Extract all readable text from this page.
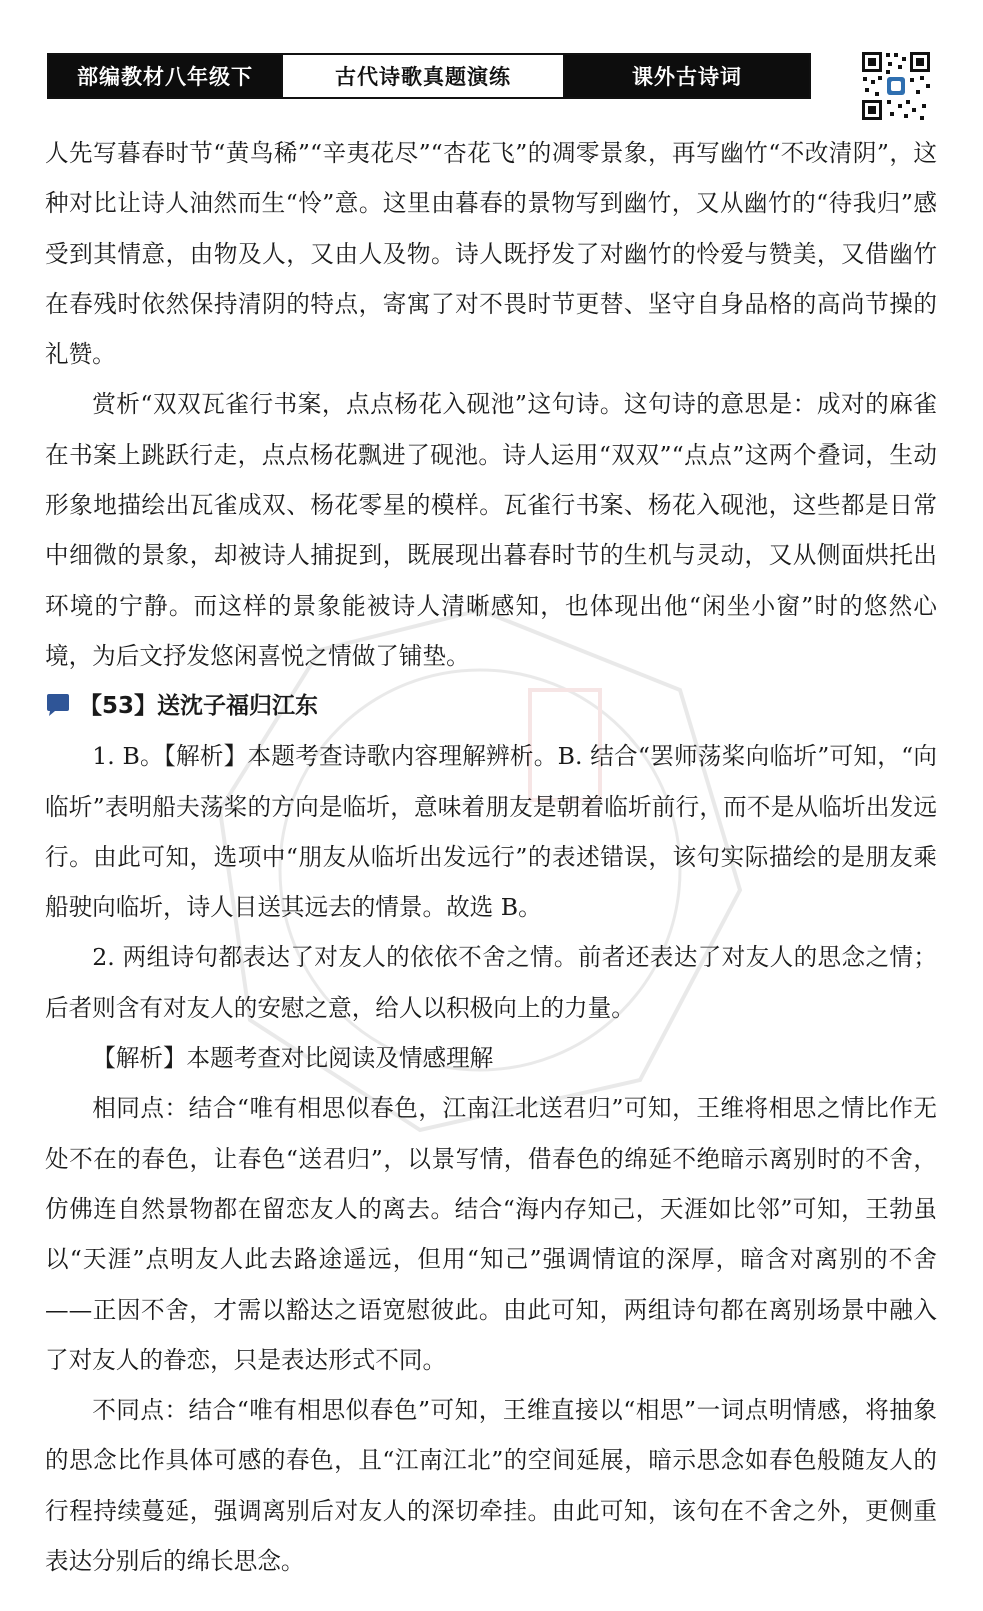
部编教材八年级下	古代诗歌真题演练	课外古诗词

人先写暮春时节“黄鸟稀”“辛夷花尽”“杏花飞”的凋零景象，再写幽竹“不改清阴”，这种对比让诗人油然而生“怜”意。这里由暮春的景物写到幽竹，又从幽竹的“待我归”感受到其情意，由物及人，又由人及物。诗人既抒发了对幽竹的怜爱与赞美，又借幽竹在春残时依然保持清阴的特点，寄寓了对不畏时节更替、坚守自身品格的高尚节操的礼赞。

赏析“双双瓦雀行书案，点点杨花入砚池”这句诗。这句诗的意思是：成对的麻雀在书案上跳跃行走，点点杨花飘进了砚池。诗人运用“双双”“点点”这两个叠词，生动形象地描绘出瓦雀成双、杨花零星的模样。瓦雀行书案、杨花入砚池，这些都是日常中细微的景象，却被诗人捕捉到，既展现出暮春时节的生机与灵动，又从侧面烘托出环境的宁静。而这样的景象能被诗人清晰感知，也体现出他“闲坐小窗”时的悠然心境，为后文抒发悠闲喜悦之情做了铺垫。

【53】送沈子福归江东

1. B。【解析】本题考查诗歌内容理解辨析。B. 结合“罢师荡桨向临圻”可知，“向临圻”表明船夫荡桨的方向是临圻，意味着朋友是朝着临圻前行，而不是从临圻出发远行。由此可知，选项中“朋友从临圻出发远行”的表述错误，该句实际描绘的是朋友乘船驶向临圻，诗人目送其远去的情景。故选 B。

2. 两组诗句都表达了对友人的依依不舍之情。前者还表达了对友人的思念之情；后者则含有对友人的安慰之意，给人以积极向上的力量。

【解析】本题考查对比阅读及情感理解

相同点：结合“唯有相思似春色，江南江北送君归”可知，王维将相思之情比作无处不在的春色，让春色“送君归”，以景写情，借春色的绵延不绝暗示离别时的不舍，仿佛连自然景物都在留恋友人的离去。结合“海内存知己，天涯如比邻”可知，王勃虽以“天涯”点明友人此去路途遥远，但用“知己”强调情谊的深厚，暗含对离别的不舍——正因不舍，才需以豁达之语宽慰彼此。由此可知，两组诗句都在离别场景中融入了对友人的眷恋，只是表达形式不同。

不同点：结合“唯有相思似春色”可知，王维直接以“相思”一词点明情感，将抽象的思念比作具体可感的春色，且“江南江北”的空间延展，暗示思念如春色般随友人的行程持续蔓延，强调离别后对友人的深切牵挂。由此可知，该句在不舍之外，更侧重表达分别后的绵长思念。
